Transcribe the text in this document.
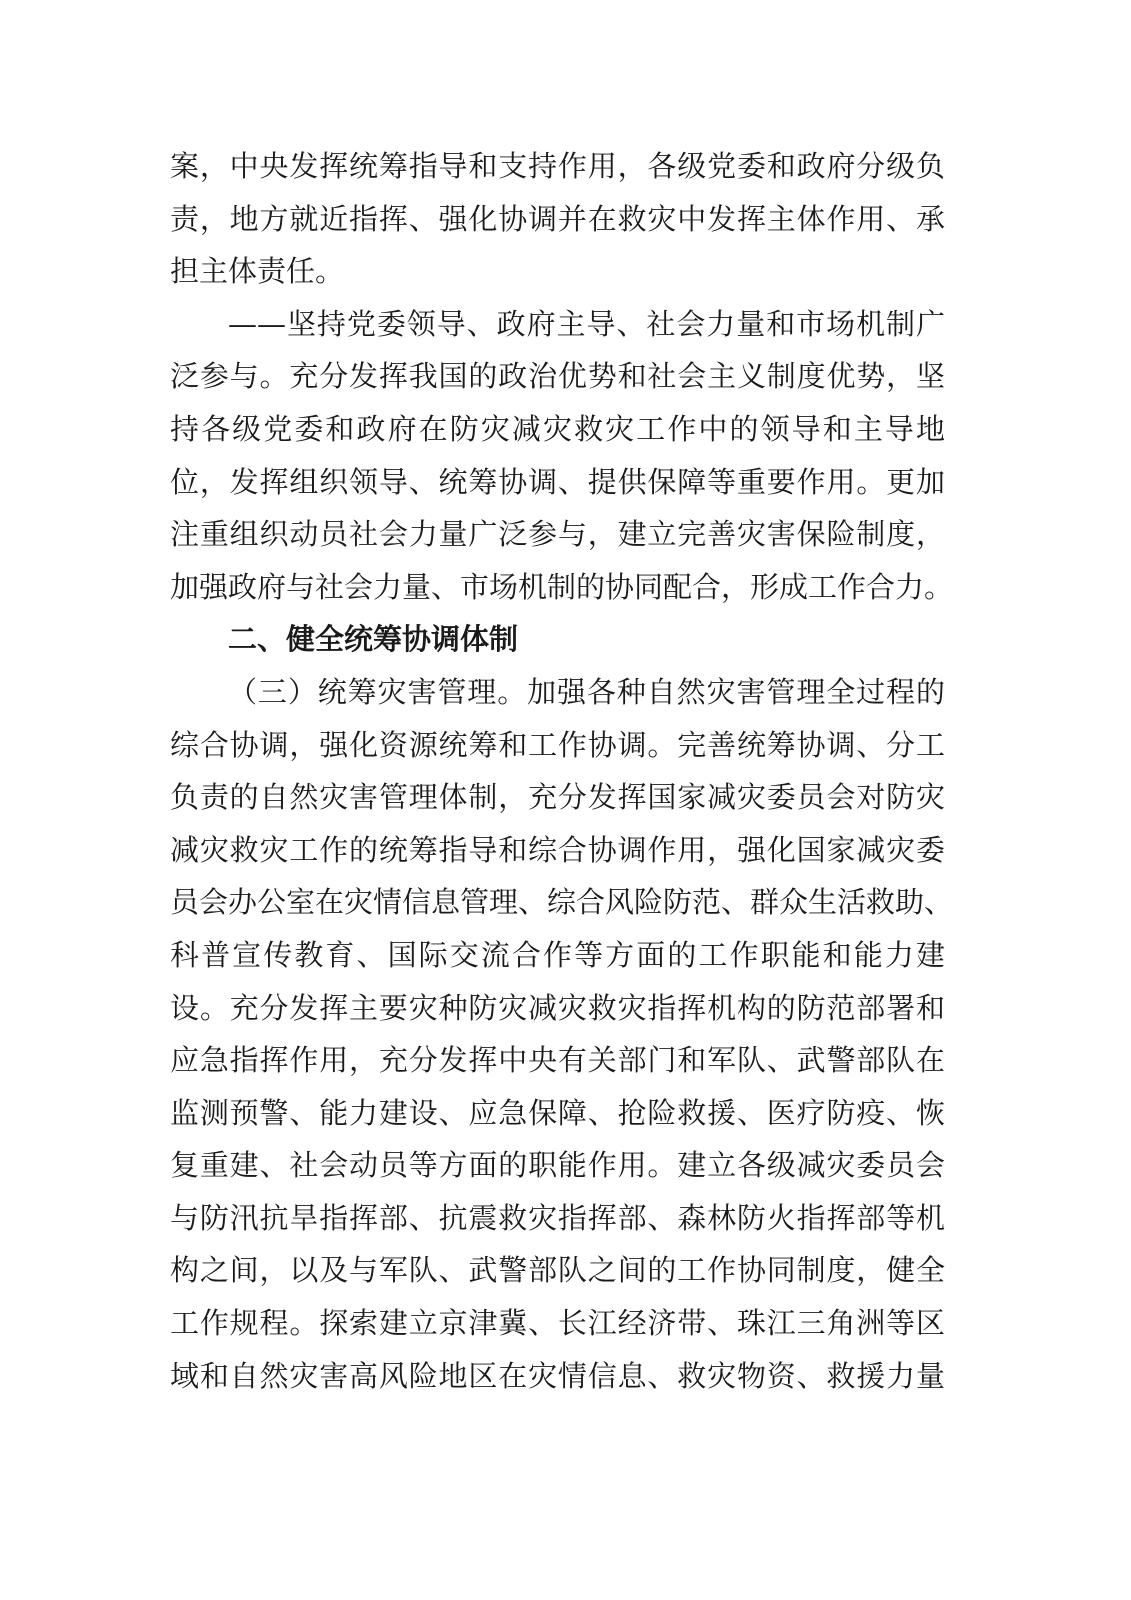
案，中央发挥统筹指导和支持作用，各级党委和政府分级负
责，地方就近指挥、强化协调并在救灾中发挥主体作用、承
担主体责任。
——坚持党委领导、政府主导、社会力量和市场机制广
泛参与。充分发挥我国的政治优势和社会主义制度优势，坚
持各级党委和政府在防灾减灾救灾工作中的领导和主导地
位，发挥组织领导、统筹协调、提供保障等重要作用。更加
注重组织动员社会力量广泛参与，建立完善灾害保险制度，
加强政府与社会力量、市场机制的协同配合，形成工作合力。
二、健全统筹协调体制
（三）统筹灾害管理。加强各种自然灾害管理全过程的
综合协调，强化资源统筹和工作协调。完善统筹协调、分工
负责的自然灾害管理体制，充分发挥国家减灾委员会对防灾
减灾救灾工作的统筹指导和综合协调作用，强化国家减灾委
员会办公室在灾情信息管理、综合风险防范、群众生活救助、
科普宣传教育、国际交流合作等方面的工作职能和能力建
设。充分发挥主要灾种防灾减灾救灾指挥机构的防范部署和
应急指挥作用，充分发挥中央有关部门和军队、武警部队在
监测预警、能力建设、应急保障、抢险救援、医疗防疫、恢
复重建、社会动员等方面的职能作用。建立各级减灾委员会
与防汛抗旱指挥部、抗震救灾指挥部、森林防火指挥部等机
构之间，以及与军队、武警部队之间的工作协同制度，健全
工作规程。探索建立京津冀、长江经济带、珠江三角洲等区
域和自然灾害高风险地区在灾情信息、救灾物资、救援力量
